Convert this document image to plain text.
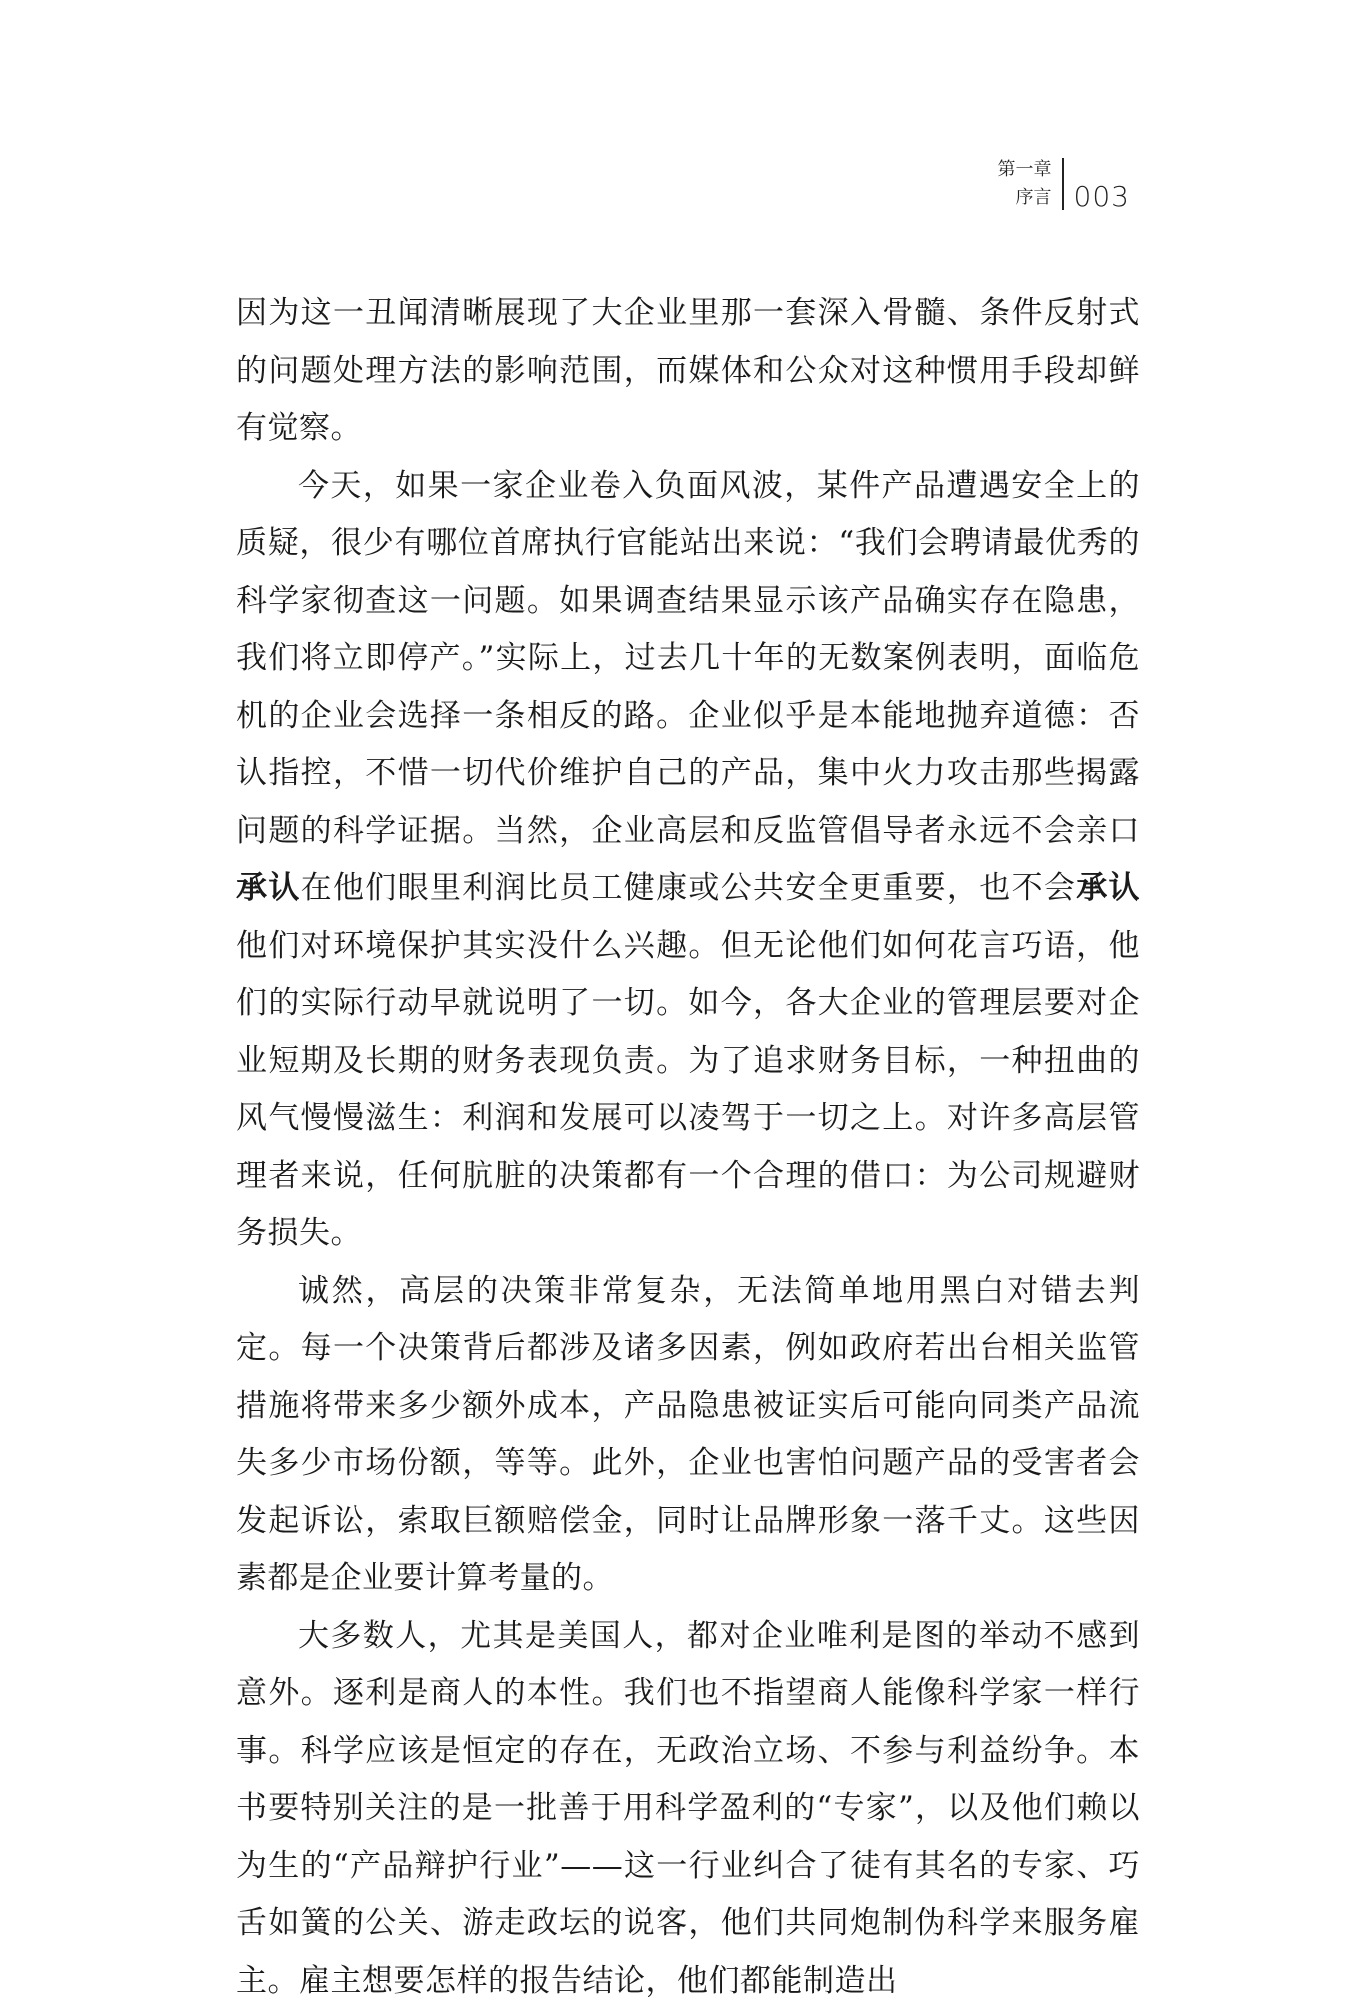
第一章
序言 003

因为这一丑闻清晰展现了大企业里那一套深入骨髓、条件反射式的问题处理方法的影响范围，而媒体和公众对这种惯用手段却鲜有觉察。

今天，如果一家企业卷入负面风波，某件产品遭遇安全上的质疑，很少有哪位首席执行官能站出来说：“我们会聘请最优秀的科学家彻查这一问题。如果调查结果显示该产品确实存在隐患，我们将立即停产。”实际上，过去几十年的无数案例表明，面临危机的企业会选择一条相反的路。企业似乎是本能地抛弃道德：否认指控，不惜一切代价维护自己的产品，集中火力攻击那些揭露问题的科学证据。当然，企业高层和反监管倡导者永远不会亲口承认在他们眼里利润比员工健康或公共安全更重要，也不会承认他们对环境保护其实没什么兴趣。但无论他们如何花言巧语，他们的实际行动早就说明了一切。如今，各大企业的管理层要对企业短期及长期的财务表现负责。为了追求财务目标，一种扭曲的风气慢慢滋生：利润和发展可以凌驾于一切之上。对许多高层管理者来说，任何肮脏的决策都有一个合理的借口：为公司规避财务损失。

诚然，高层的决策非常复杂，无法简单地用黑白对错去判定。每一个决策背后都涉及诸多因素，例如政府若出台相关监管措施将带来多少额外成本，产品隐患被证实后可能向同类产品流失多少市场份额，等等。此外，企业也害怕问题产品的受害者会发起诉讼，索取巨额赔偿金，同时让品牌形象一落千丈。这些因素都是企业要计算考量的。

大多数人，尤其是美国人，都对企业唯利是图的举动不感到意外。逐利是商人的本性。我们也不指望商人能像科学家一样行事。科学应该是恒定的存在，无政治立场、不参与利益纷争。本书要特别关注的是一批善于用科学盈利的“专家”，以及他们赖以为生的“产品辩护行业”——这一行业纠合了徒有其名的专家、巧舌如簧的公关、游走政坛的说客，他们共同炮制伪科学来服务雇主。雇主想要怎样的报告结论，他们都能制造出
